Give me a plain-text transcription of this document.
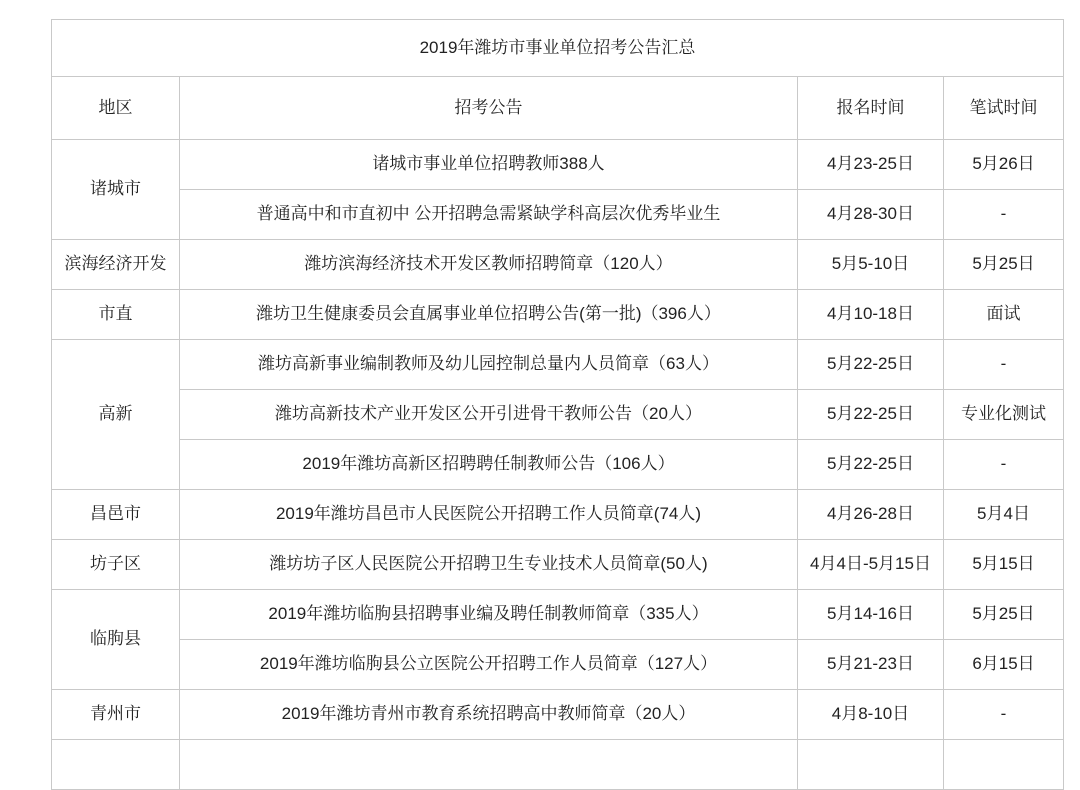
2019年潍坊市事业单位招考公告汇总			
地区	招考公告	报名时间	笔试时间
诸城市	诸城市事业单位招聘教师388人	4月23-25日	5月26日
	普通高中和市直初中 公开招聘急需紧缺学科高层次优秀毕业生	4月28-30日	-
滨海经济开发	潍坊滨海经济技术开发区教师招聘简章（120人）	5月5-10日	5月25日
市直	潍坊卫生健康委员会直属事业单位招聘公告(第一批)（396人）	4月10-18日	面试
高新	潍坊高新事业编制教师及幼儿园控制总量内人员简章（63人）	5月22-25日	-
	潍坊高新技术产业开发区公开引进骨干教师公告（20人）	5月22-25日	专业化测试
	2019年潍坊高新区招聘聘任制教师公告（106人）	5月22-25日	-
昌邑市	2019年潍坊昌邑市人民医院公开招聘工作人员简章(74人)	4月26-28日	5月4日
坊子区	潍坊坊子区人民医院公开招聘卫生专业技术人员简章(50人)	4月4日-5月15日	5月15日
临朐县	2019年潍坊临朐县招聘事业编及聘任制教师简章（335人）	5月14-16日	5月25日
	2019年潍坊临朐县公立医院公开招聘工作人员简章（127人）	5月21-23日	6月15日
青州市	2019年潍坊青州市教育系统招聘高中教师简章（20人）	4月8-10日	-
